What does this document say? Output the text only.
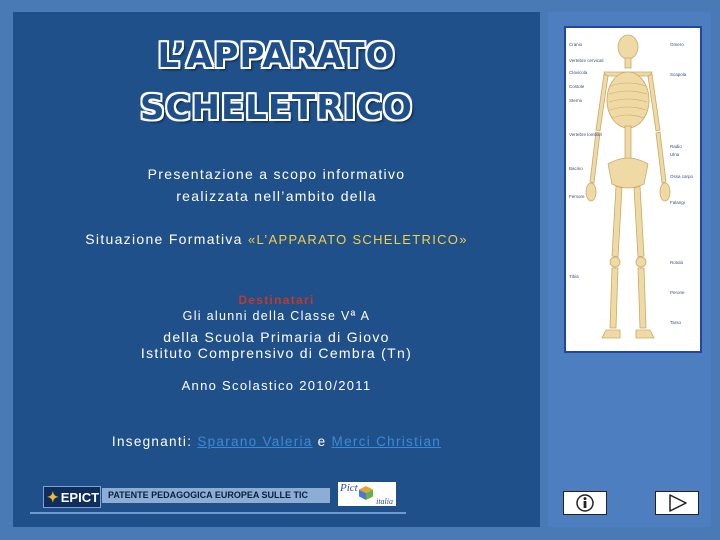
L’APPARATO
SCHELETRICO
Presentazione a scopo informativo
realizzata nell’ambito della
Situazione Formativa «L’APPARATO SCHELETRICO»
Destinatari
Gli alunni della Classe Vª A
della Scuola Primaria di Giovo
Istituto Comprensivo di Cembra (Tn)
Anno Scolastico 2010/2011
Insegnanti: Sparano Valeria e Merci Christian
✦ EPICT PATENTE PEDAGOGICA EUROPEA SULLE TIC
Pict
italia
Cranio
Vertebre cervicali
Clavicola
Costole
Sterno
Vertebre lombari
Bacino
Femore
Tibia
Omero
Scapola
Radio
Ulna
Ossa carpo
Falangi
Rotula
Perone
Tarso
